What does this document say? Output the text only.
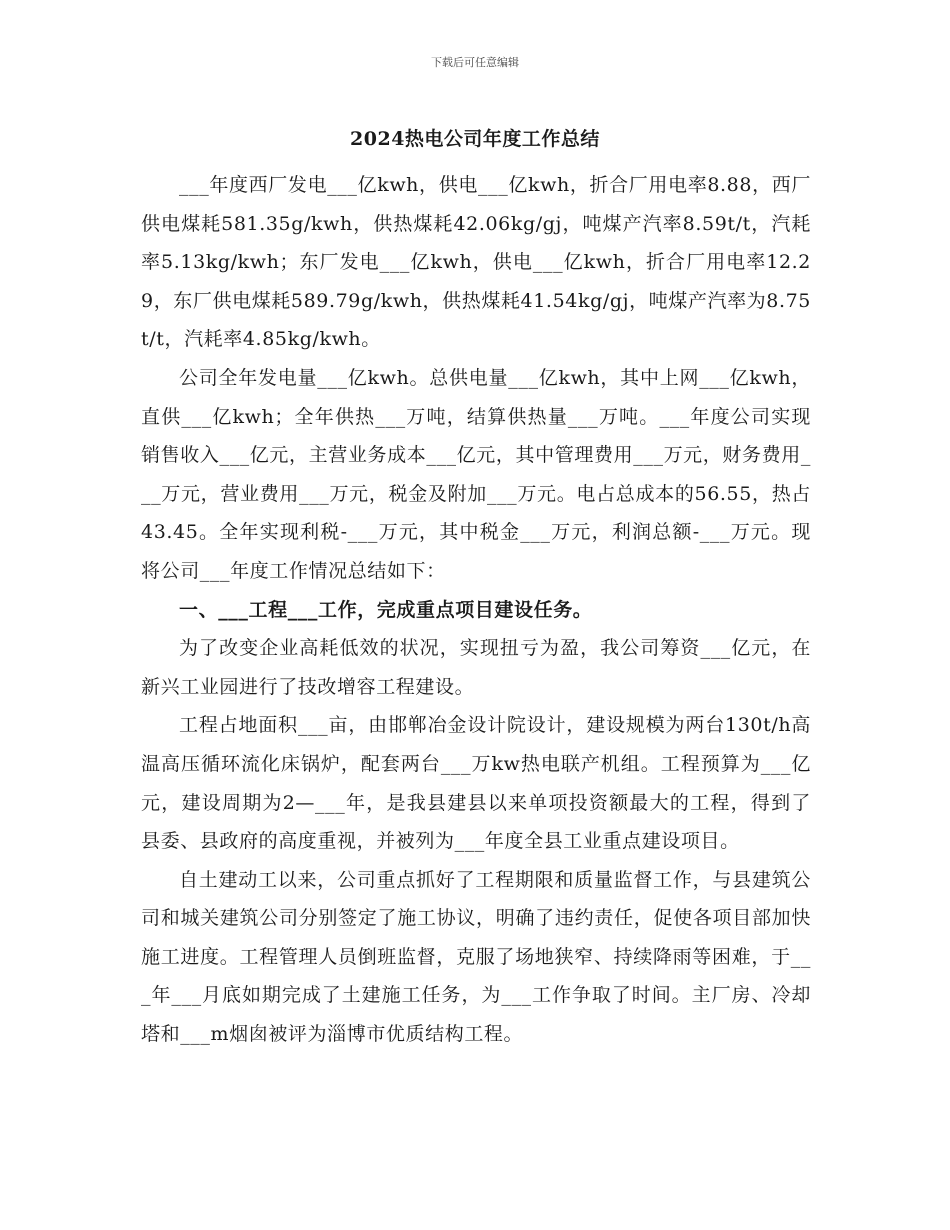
下载后可任意编辑
2024热电公司年度工作总结

___年度西厂发电___亿kwh，供电___亿kwh，折合厂用电率8.88，西厂供电煤耗581.35g/kwh，供热煤耗42.06kg/gj，吨煤产汽率8.59t/t，汽耗率5.13kg/kwh；东厂发电___亿kwh，供电___亿kwh，折合厂用电率12.29，东厂供电煤耗589.79g/kwh，供热煤耗41.54kg/gj，吨煤产汽率为8.75t/t，汽耗率4.85kg/kwh。

公司全年发电量___亿kwh。总供电量___亿kwh，其中上网___亿kwh，直供___亿kwh；全年供热___万吨，结算供热量___万吨。___年度公司实现销售收入___亿元，主营业务成本___亿元，其中管理费用___万元，财务费用___万元，营业费用___万元，税金及附加___万元。电占总成本的56.55，热占43.45。全年实现利税-___万元，其中税金___万元，利润总额-___万元。现将公司___年度工作情况总结如下：

一、___工程___工作，完成重点项目建设任务。

为了改变企业高耗低效的状况，实现扭亏为盈，我公司筹资___亿元，在新兴工业园进行了技改增容工程建设。

工程占地面积___亩，由邯郸冶金设计院设计，建设规模为两台130t/h高温高压循环流化床锅炉，配套两台___万kw热电联产机组。工程预算为___亿元，建设周期为2—___年，是我县建县以来单项投资额最大的工程，得到了县委、县政府的高度重视，并被列为___年度全县工业重点建设项目。

自土建动工以来，公司重点抓好了工程期限和质量监督工作，与县建筑公司和城关建筑公司分别签定了施工协议，明确了违约责任，促使各项目部加快施工进度。工程管理人员倒班监督，克服了场地狭窄、持续降雨等困难，于___年___月底如期完成了土建施工任务，为___工作争取了时间。主厂房、冷却塔和___m烟囱被评为淄博市优质结构工程。
